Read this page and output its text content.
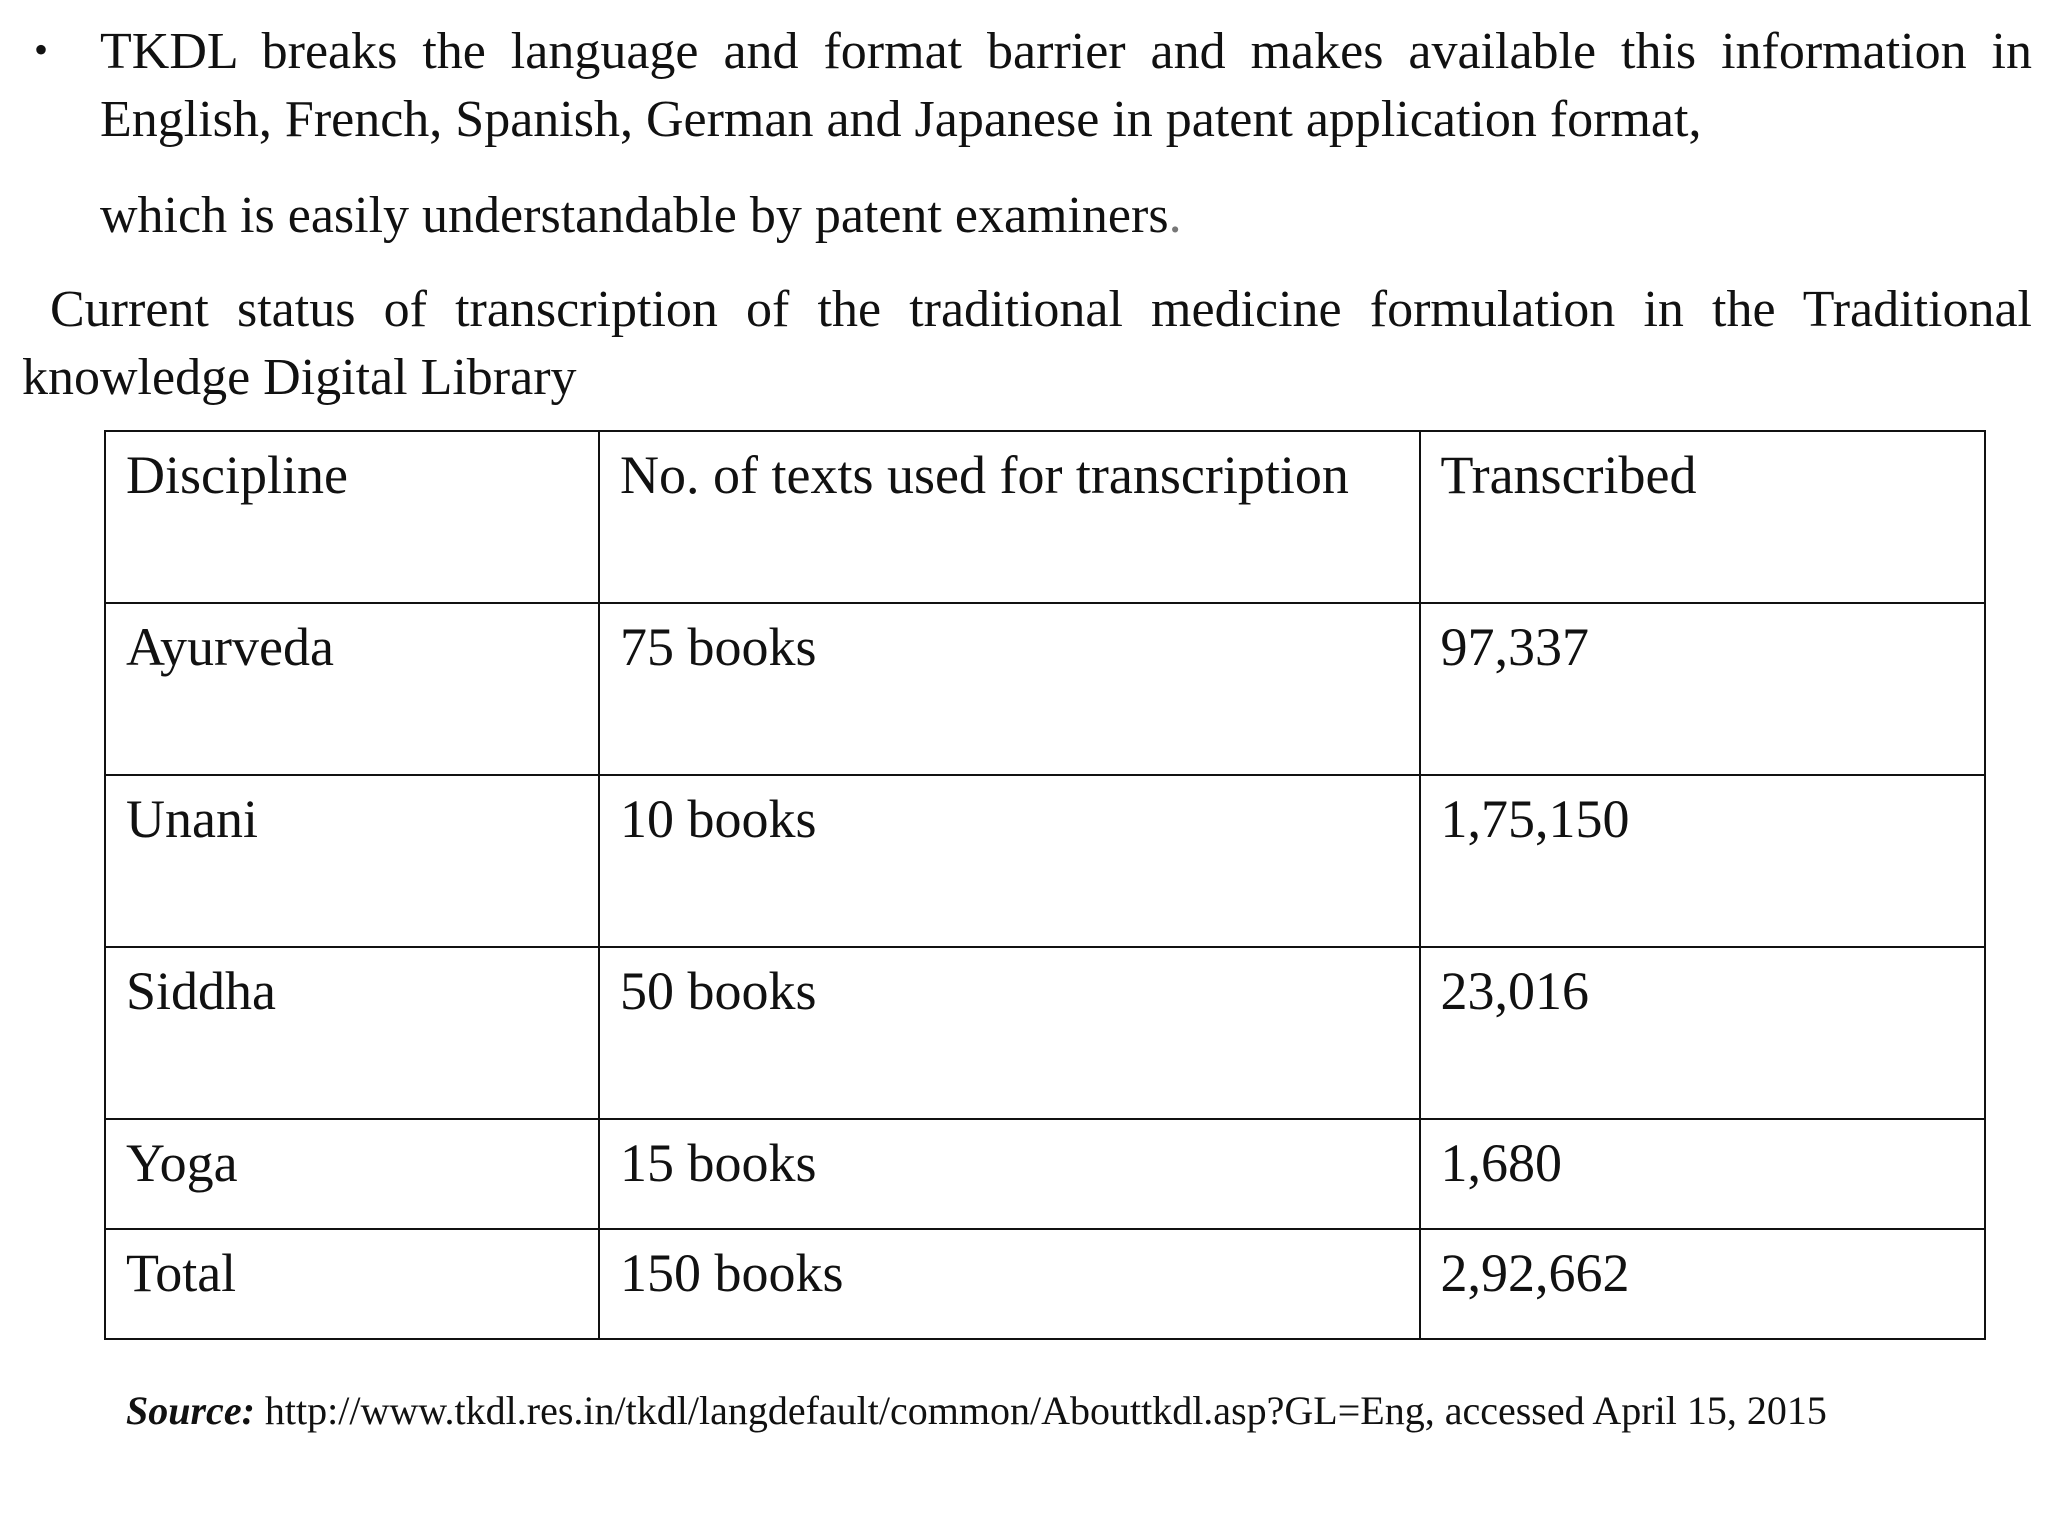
• TKDL breaks the language and format barrier and makes available this information in English, French, Spanish, German and Japanese in patent application format,
which is easily understandable by patent examiners.
Current status of transcription of the traditional medicine formulation in the Traditional knowledge Digital Library
Discipline	No. of texts used for transcription	Transcribed
Ayurveda	75 books	97,337
Unani	10 books	1,75,150
Siddha	50 books	23,016
Yoga	15 books	1,680
Total	150 books	2,92,662
Source: http://www.tkdl.res.in/tkdl/langdefault/common/Abouttkdl.asp?GL=Eng, accessed April 15, 2015
